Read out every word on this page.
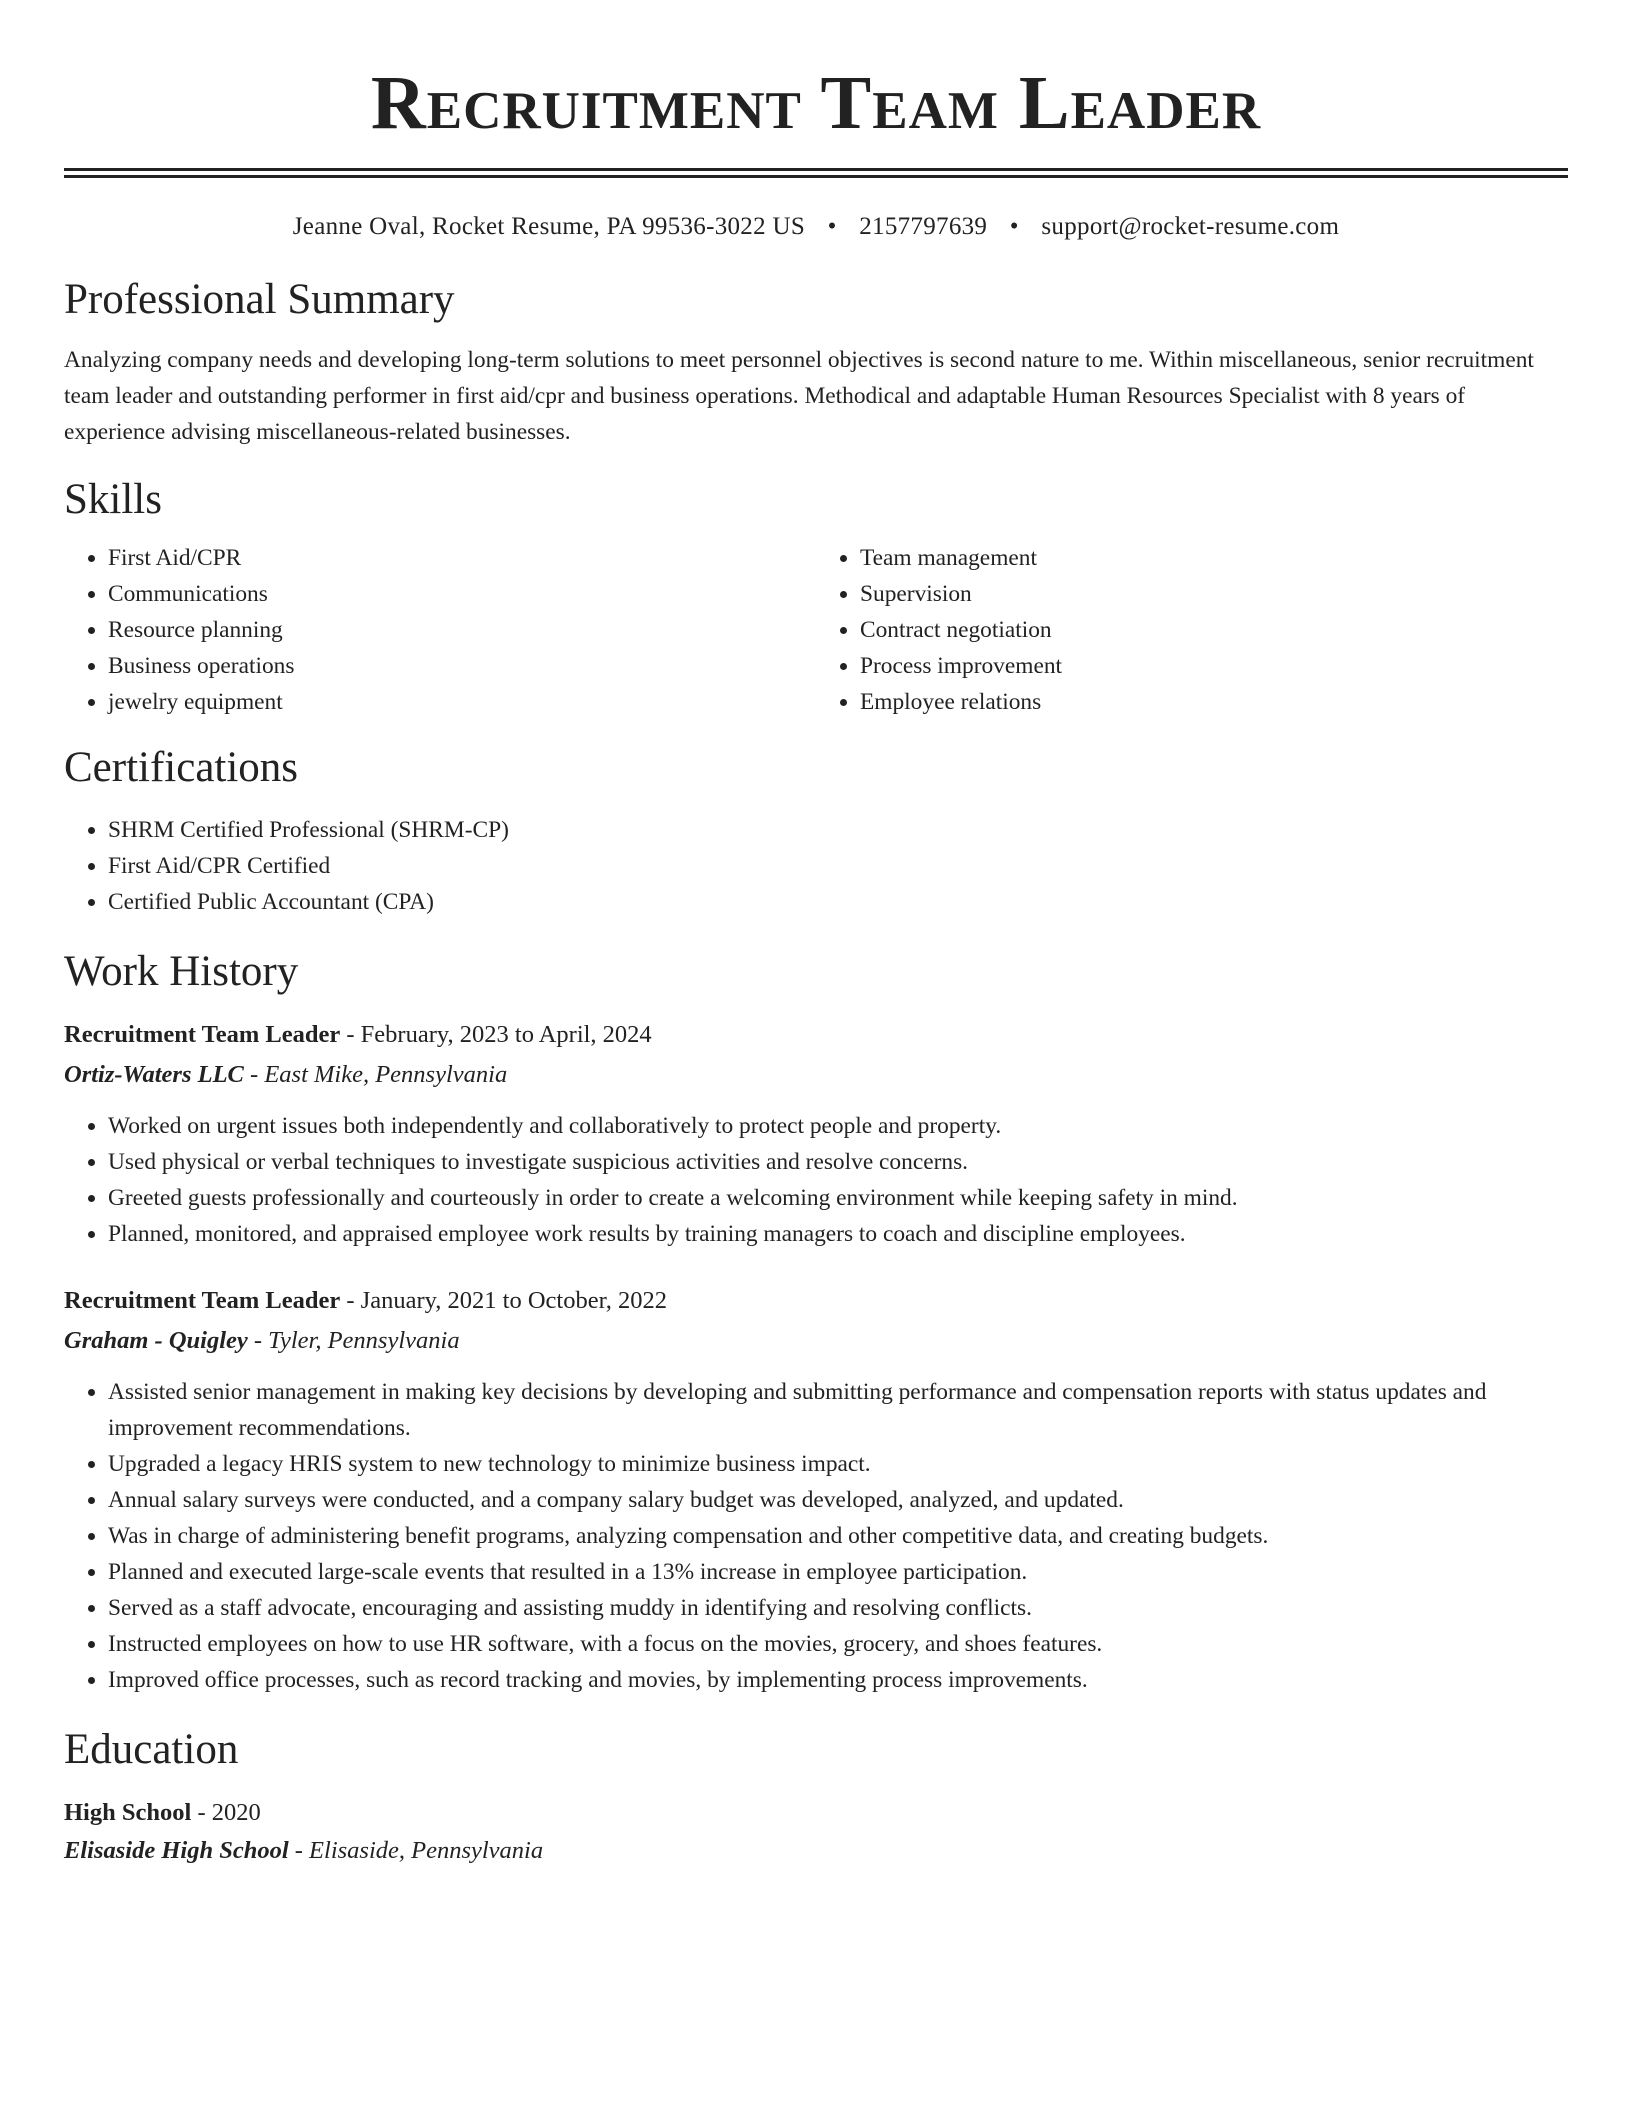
Recruitment Team Leader
Jeanne Oval, Rocket Resume, PA 99536-3022 US • 2157797639 • support@rocket-resume.com
Professional Summary

Analyzing company needs and developing long-term solutions to meet personnel objectives is second nature to me. Within miscellaneous, senior recruitment team leader and outstanding performer in first aid/cpr and business operations. Methodical and adaptable Human Resources Specialist with 8 years of experience advising miscellaneous-related businesses.

Skills
• First Aid/CPR
• Communications
• Resource planning
• Business operations
• jewelry equipment
• Team management
• Supervision
• Contract negotiation
• Process improvement
• Employee relations
Certifications
• SHRM Certified Professional (SHRM-CP)
• First Aid/CPR Certified
• Certified Public Accountant (CPA)
Work History
Recruitment Team Leader - February, 2023 to April, 2024
Ortiz-Waters LLC - East Mike, Pennsylvania
• Worked on urgent issues both independently and collaboratively to protect people and property.
• Used physical or verbal techniques to investigate suspicious activities and resolve concerns.
• Greeted guests professionally and courteously in order to create a welcoming environment while keeping safety in mind.
• Planned, monitored, and appraised employee work results by training managers to coach and discipline employees.
Recruitment Team Leader - January, 2021 to October, 2022
Graham - Quigley - Tyler, Pennsylvania
• Assisted senior management in making key decisions by developing and submitting performance and compensation reports with status updates and improvement recommendations.
• Upgraded a legacy HRIS system to new technology to minimize business impact.
• Annual salary surveys were conducted, and a company salary budget was developed, analyzed, and updated.
• Was in charge of administering benefit programs, analyzing compensation and other competitive data, and creating budgets.
• Planned and executed large-scale events that resulted in a 13% increase in employee participation.
• Served as a staff advocate, encouraging and assisting muddy in identifying and resolving conflicts.
• Instructed employees on how to use HR software, with a focus on the movies, grocery, and shoes features.
• Improved office processes, such as record tracking and movies, by implementing process improvements.
Education
High School - 2020
Elisaside High School - Elisaside, Pennsylvania
